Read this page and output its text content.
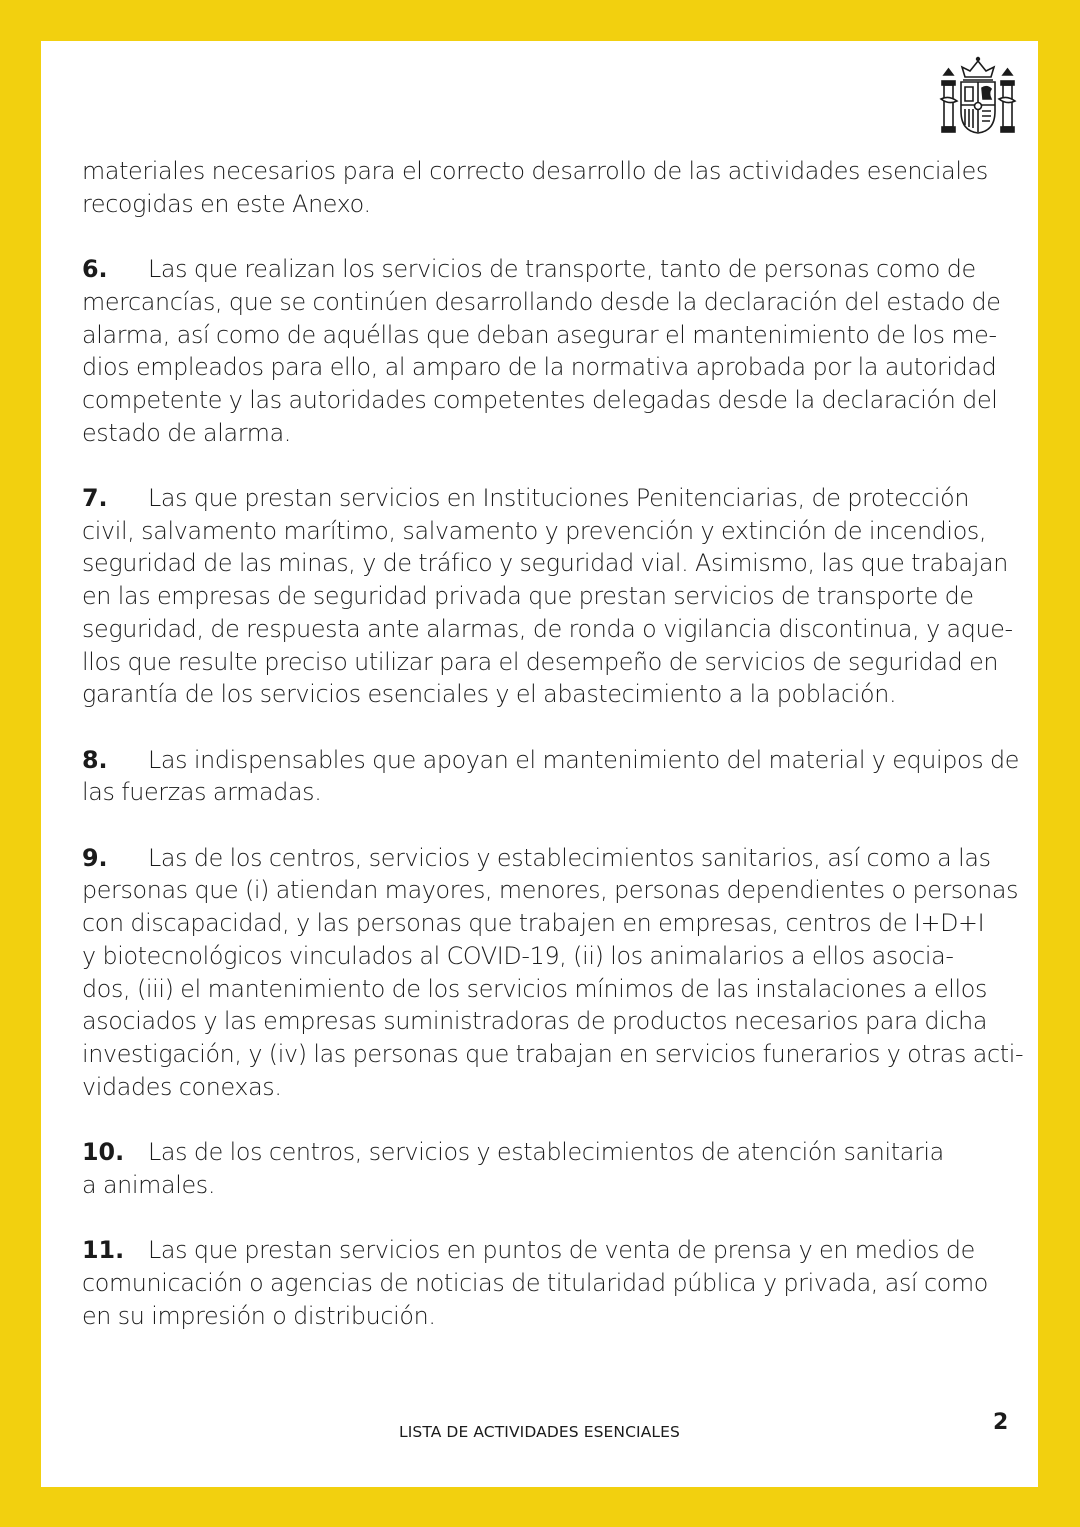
materiales necesarios para el correcto desarrollo de las actividades esenciales
recogidas en este Anexo.

6. Las que realizan los servicios de transporte, tanto de personas como de
mercancías, que se continúen desarrollando desde la declaración del estado de
alarma, así como de aquéllas que deban asegurar el mantenimiento de los me-
dios empleados para ello, al amparo de la normativa aprobada por la autoridad
competente y las autoridades competentes delegadas desde la declaración del
estado de alarma.

7. Las que prestan servicios en Instituciones Penitenciarias, de protección
civil, salvamento marítimo, salvamento y prevención y extinción de incendios,
seguridad de las minas, y de tráfico y seguridad vial. Asimismo, las que trabajan
en las empresas de seguridad privada que prestan servicios de transporte de
seguridad, de respuesta ante alarmas, de ronda o vigilancia discontinua, y aque-
llos que resulte preciso utilizar para el desempeño de servicios de seguridad en
garantía de los servicios esenciales y el abastecimiento a la población.

8. Las indispensables que apoyan el mantenimiento del material y equipos de
las fuerzas armadas.

9. Las de los centros, servicios y establecimientos sanitarios, así como a las
personas que (i) atiendan mayores, menores, personas dependientes o personas
con discapacidad, y las personas que trabajen en empresas, centros de I+D+I
y biotecnológicos vinculados al COVID-19, (ii) los animalarios a ellos asocia-
dos, (iii) el mantenimiento de los servicios mínimos de las instalaciones a ellos
asociados y las empresas suministradoras de productos necesarios para dicha
investigación, y (iv) las personas que trabajan en servicios funerarios y otras acti-
vidades conexas.

10. Las de los centros, servicios y establecimientos de atención sanitaria
a animales.

11. Las que prestan servicios en puntos de venta de prensa y en medios de
comunicación o agencias de noticias de titularidad pública y privada, así como
en su impresión o distribución.

LISTA DE ACTIVIDADES ESENCIALES	2
